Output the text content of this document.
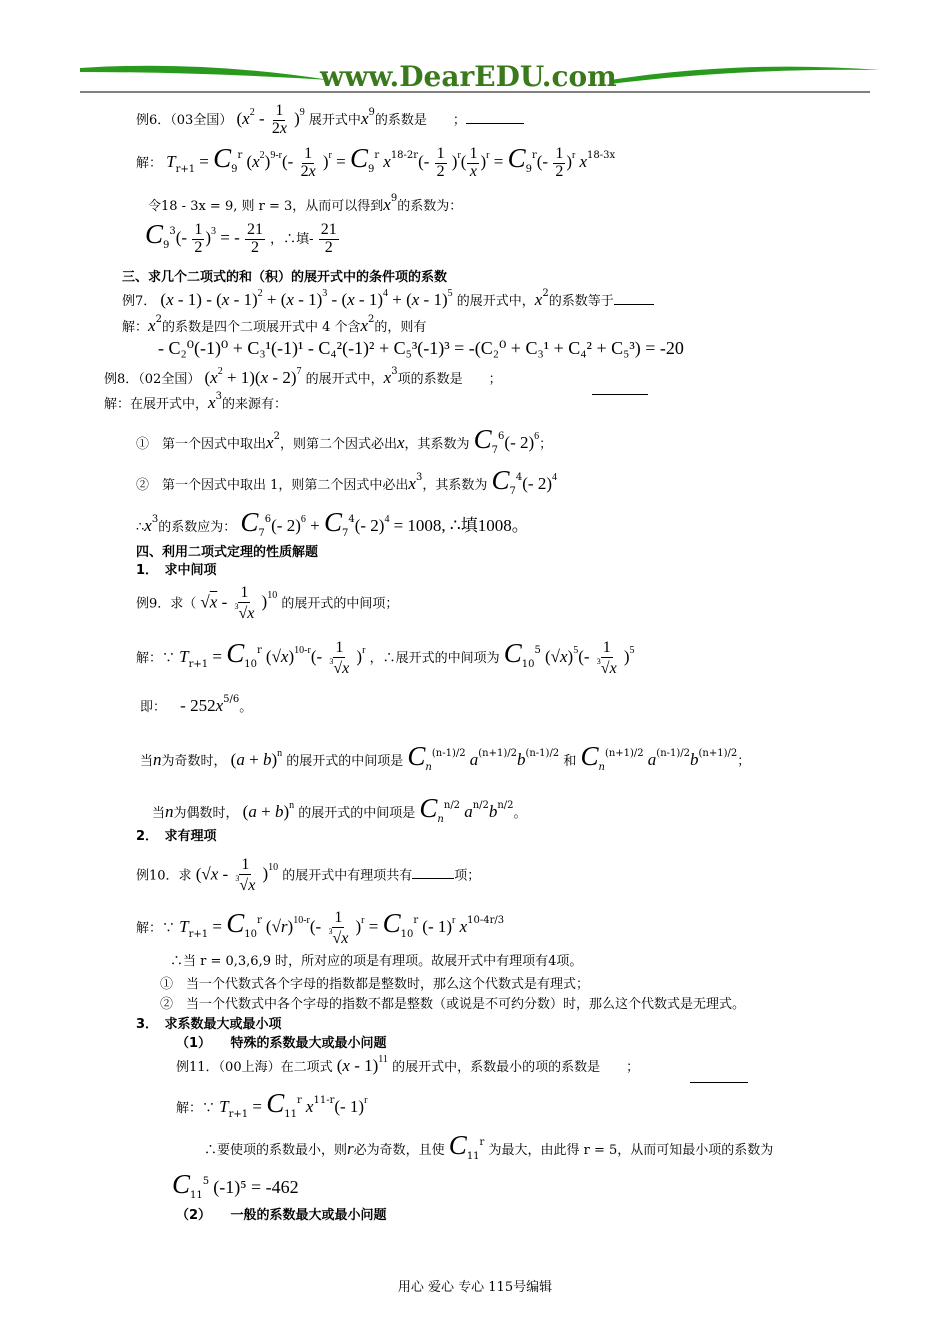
www.DearEDU.com
例6．（03全国） $(x^2 - \frac{1}{2x} )^9$ 展开式中$x^9$的系数是　　；
解： $T_{r+1} = C_9^r$ $(x^2)^{9-r}(- \frac{1}{2x} )^r = C_9^r$ $x^{18-2r}(- \frac{1}{2} )^r( \frac{1}{x} )^r = C_9^r(- \frac{1}{2} )^r$ $x^{18-3x}$
令18 - 3x = 9, 则 r = 3，从而可以得到$x^9$的系数为：
$C_9^3(- \frac{1}{2} )^3$ = - $\frac{21}{2}$ ，∴填- $\frac{21}{2}$
三、求几个二项式的和（积）的展开式中的条件项的系数
例7． (x - 1) - (x - 1)$^2$ + (x - 1)$^3$ - (x - 1)$^4$ + (x - 1)$^5$ 的展开式中，$x^2$的系数等于
解：$x^2$的系数是四个二项展开式中 4 个含$x^2$的，则有
- C₂⁰(-1)⁰ + C₃¹(-1)¹ - C₄²(-1)² + C₅³(-1)³ = -(C₂⁰ + C₃¹ + C₄² + C₅³) = -20
例8．（02全国） $(x^2 + 1)(x - 2)^7$ 的展开式中，$x^3$项的系数是　　；
解：在展开式中，$x^3$的来源有：
①　第一个因式中取出$x^2$，则第二个因式必出x，其系数为 $C_7^6(-$ 2)$^6$；
②　第一个因式中取出 1，则第二个因式中必出$x^3$，其系数为 $C_7^4(-$ 2)$^4$
$\therefore x^3$的系数应为： $C_7^6(-$ $2)^6 + C_7^4(-$ 2)$^4$ = 1008, ∴填1008。
四、利用二项式定理的性质解题
1．　求中间项
例9．求（ $√x - \frac{1}{^3√x} )^{10}$ 的展开式的中间项；
解：∵ $T_{r+1} = C_{10}^r$ $(√x)^{10-r}(- \frac{1}{^3√x} )^r$ ，∴展开式的中间项为 $C_{10}^5$ $(√x)^5(- \frac{1}{^3√x} )^5$
即： - $252x^{5/6}$。
当n为奇数时， $(a + b)^n$ 的展开式的中间项是 $C_n^{(n-1)/2}$ $a^{(n+1)/2}b^{(n-1)/2}$ 和 $C_n^{(n+1)/2}$ $a^{(n-1)/2}b^{(n+1)/2}$；
当n为偶数时， $(a + b)^n$ 的展开式的中间项是 $C_n^{n/2}$ $a^{n/2}b^{n/2}$。
2．　求有理项
例10．求 $(√x - \frac{1}{^3√x} )^{10}$ 的展开式中有理项共有	项；
解：∵ $T_{r+1} = C_{10}^r$ $(√r)^{10-r}(- \frac{1}{^3√x} )^r = C_{10}^r$ (- 1)$^r$ $x^{10-4r/3}$
∴当 r = 0,3,6,9 时，所对应的项是有理项。故展开式中有理项有4项。
①　当一个代数式各个字母的指数都是整数时，那么这个代数式是有理式；
②　当一个代数式中各个字母的指数不都是整数（或说是不可约分数）时，那么这个代数式是无理式。
3．　求系数最大或最小项
（1）　　特殊的系数最大或最小问题
例11．（00上海）在二项式 (x - 1)$^{11}$ 的展开式中，系数最小的项的系数是　　；
解：∵ $T_{r+1} = C_{11}^r$ $x^{11-r}(-$ 1)$^r$
∴要使项的系数最小，则r必为奇数，且使 $C_{11}^r$ 为最大，由此得 r = 5，从而可知最小项的系数为
$C_{11}^5$ (-1)⁵ = -462
（2）　　一般的系数最大或最小问题
用心 爱心 专心 115号编辑
